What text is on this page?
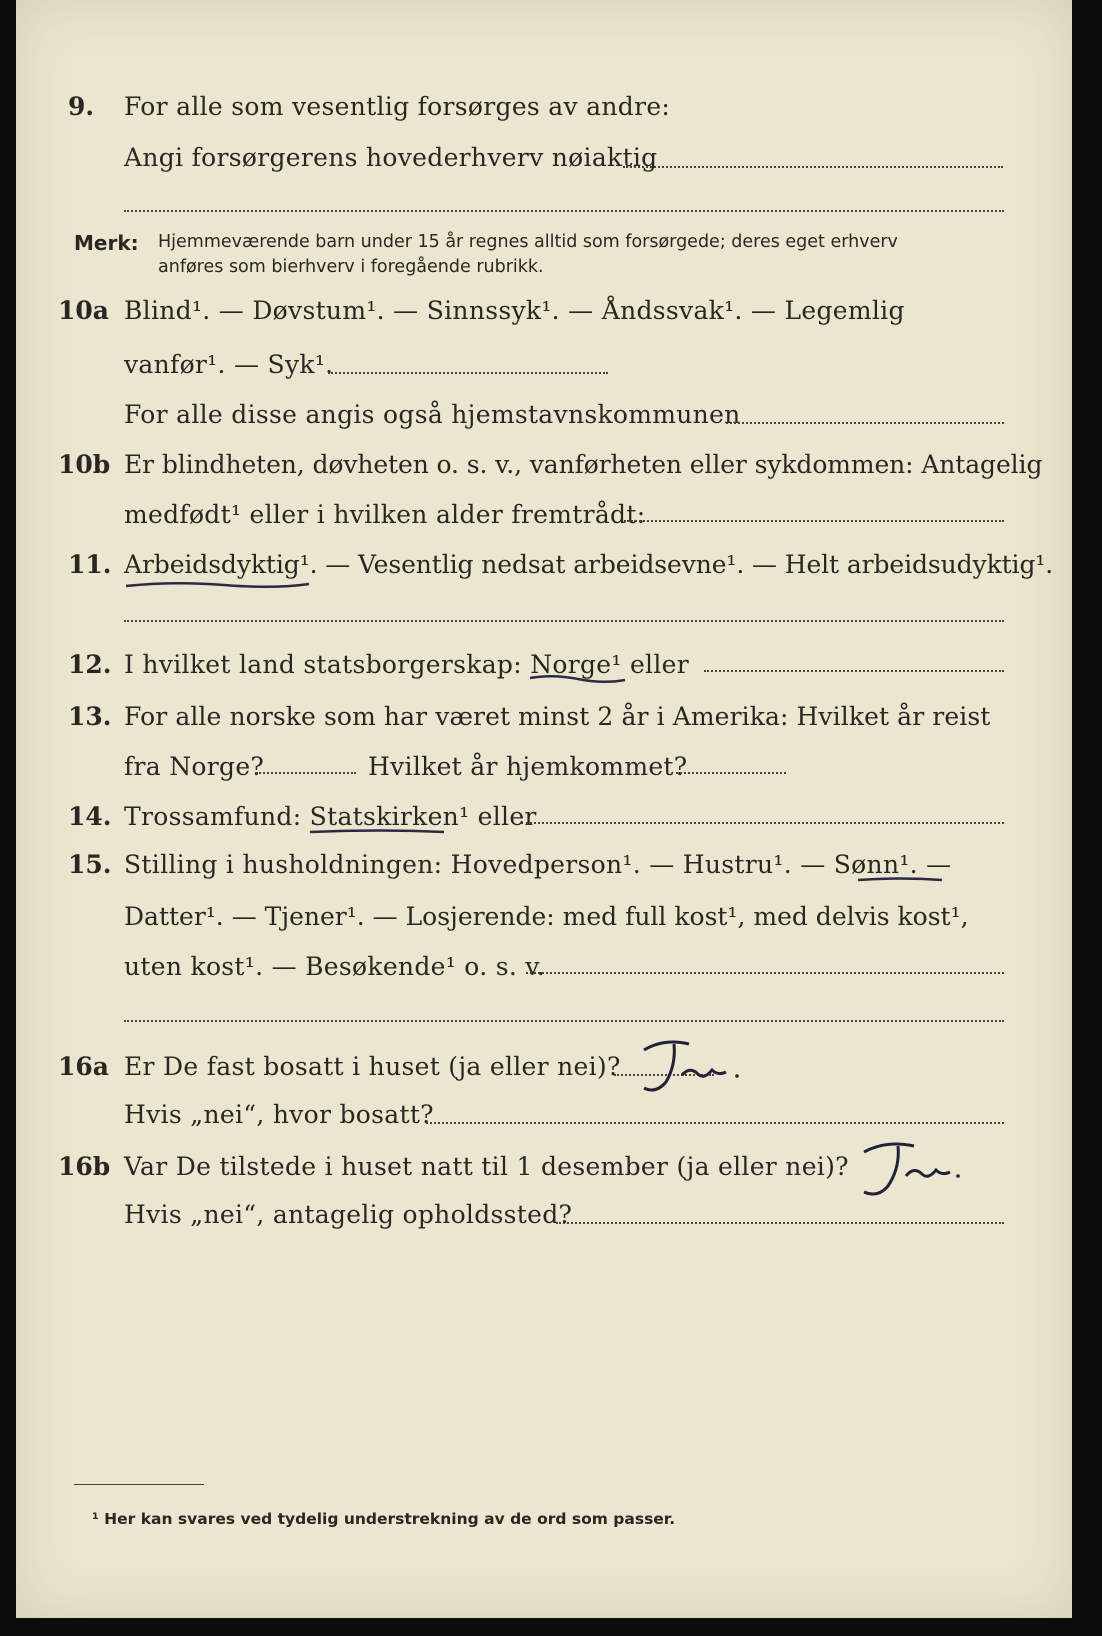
9. For alle som vesentlig forsørges av andre:
Angi forsørgerens hovederhverv nøiaktig
Merk: Hjemmeværende barn under 15 år regnes alltid som forsørgede; deres eget erhverv
anføres som bierhverv i foregående rubrikk.
10a Blind¹. — Døvstum¹. — Sinnssyk¹. — Åndssvak¹. — Legemlig
vanfør¹. — Syk¹.
For alle disse angis også hjemstavnskommunen
10b Er blindheten, døvheten o. s. v., vanførheten eller sykdommen: Antagelig
medfødt¹ eller i hvilken alder fremtrådt:
11. Arbeidsdyktig¹. — Vesentlig nedsat arbeidsevne¹. — Helt arbeidsudyktig¹.
12. I hvilket land statsborgerskap: Norge¹ eller
13. For alle norske som har været minst 2 år i Amerika: Hvilket år reist
fra Norge?	Hvilket år hjemkommet?
14. Trossamfund: Statskirken¹ eller
15. Stilling i husholdningen: Hovedperson¹. — Hustru¹. — Sønn¹. —
Datter¹. — Tjener¹. — Losjerende: med full kost¹, med delvis kost¹,
uten kost¹. — Besøkende¹ o. s. v.
16a Er De fast bosatt i huset (ja eller nei)?
Hvis „nei“, hvor bosatt?
16b Var De tilstede i huset natt til 1 desember (ja eller nei)?
Hvis „nei“, antagelig opholdssted?
¹ Her kan svares ved tydelig understrekning av de ord som passer.
